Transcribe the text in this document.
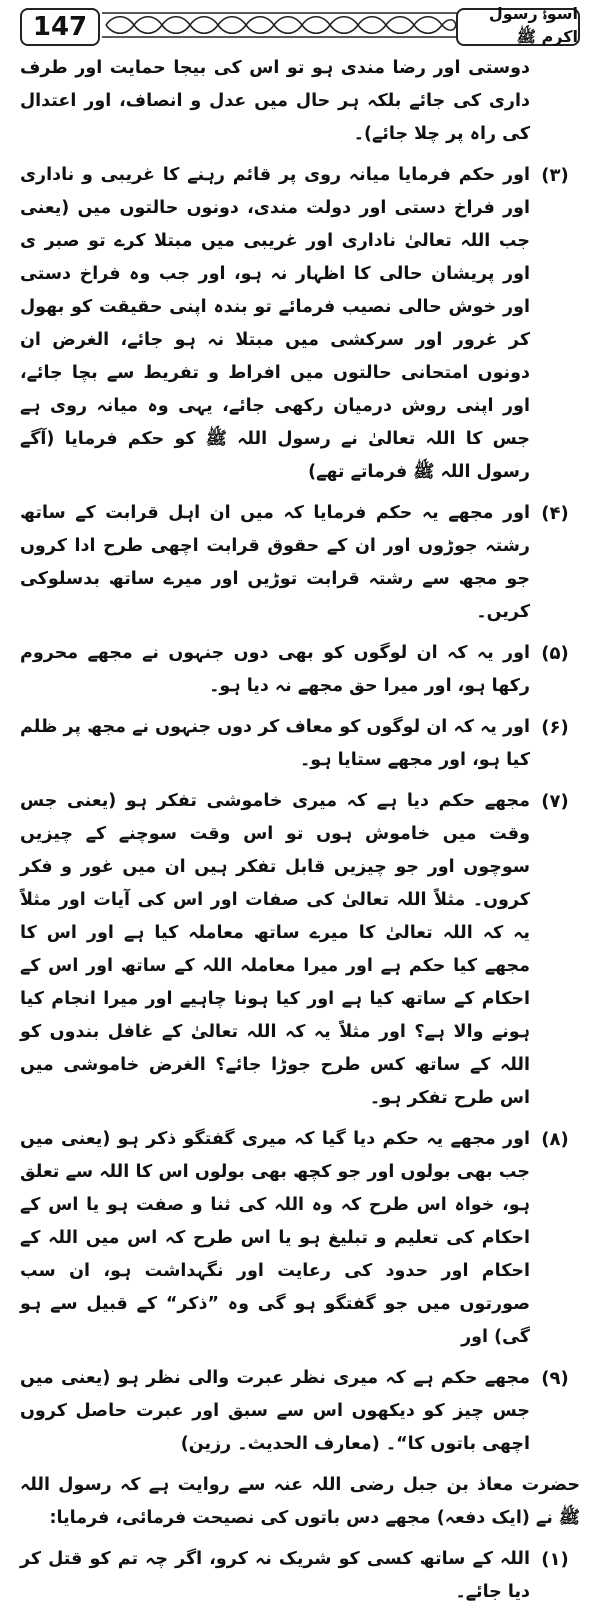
147	اسوۂ رسول اکرم ﷺ
دوستی اور رضا مندی ہو تو اس کی بیجا حمایت اور طرف داری کی جائے بلکہ ہر حال میں عدل و انصاف، اور اعتدال کی راہ پر چلا جائے)۔
(۳)
اور حکم فرمایا میانہ روی پر قائم رہنے کا غریبی و ناداری اور فراخ دستی اور دولت مندی، دونوں حالتوں میں (یعنی جب اللہ تعالیٰ ناداری اور غریبی میں مبتلا کرے تو صبر ی اور پریشان حالی کا اظہار نہ ہو، اور جب وہ فراخ دستی اور خوش حالی نصیب فرمائے تو بندہ اپنی حقیقت کو بھول کر غرور اور سرکشی میں مبتلا نہ ہو جائے، الغرض ان دونوں امتحانی حالتوں میں افراط و تفریط سے بچا جائے، اور اپنی روش درمیان رکھی جائے، یہی وہ میانہ روی ہے جس کا اللہ تعالیٰ نے رسول اللہ ﷺ کو حکم فرمایا (آگے رسول اللہ ﷺ فرماتے تھے)
(۴)
اور مجھے یہ حکم فرمایا کہ میں ان اہل قرابت کے ساتھ رشتہ جوڑوں اور ان کے حقوق قرابت اچھی طرح ادا کروں جو مجھ سے رشتہ قرابت توڑیں اور میرے ساتھ بدسلوکی کریں۔
(۵)
اور یہ کہ ان لوگوں کو بھی دوں جنہوں نے مجھے محروم رکھا ہو، اور میرا حق مجھے نہ دیا ہو۔
(۶)
اور یہ کہ ان لوگوں کو معاف کر دوں جنہوں نے مجھ پر ظلم کیا ہو، اور مجھے ستایا ہو۔
(۷)
مجھے حکم دیا ہے کہ میری خاموشی تفکر ہو (یعنی جس وقت میں خاموش ہوں تو اس وقت سوچنے کے چیزیں سوچوں اور جو چیزیں قابل تفکر ہیں ان میں غور و فکر کروں۔ مثلاً اللہ تعالیٰ کی صفات اور اس کی آیات اور مثلاً یہ کہ اللہ تعالیٰ کا میرے ساتھ معاملہ کیا ہے اور اس کا مجھے کیا حکم ہے اور میرا معاملہ اللہ کے ساتھ اور اس کے احکام کے ساتھ کیا ہے اور کیا ہونا چاہیے اور میرا انجام کیا ہونے والا ہے؟ اور مثلاً یہ کہ اللہ تعالیٰ کے غافل بندوں کو اللہ کے ساتھ کس طرح جوڑا جائے؟ الغرض خاموشی میں اس طرح تفکر ہو۔
(۸)
اور مجھے یہ حکم دیا گیا کہ میری گفتگو ذکر ہو (یعنی میں جب بھی بولوں اور جو کچھ بھی بولوں اس کا اللہ سے تعلق ہو، خواہ اس طرح کہ وہ اللہ کی ثنا و صفت ہو یا اس کے احکام کی تعلیم و تبلیغ ہو یا اس طرح کہ اس میں اللہ کے احکام اور حدود کی رعایت اور نگہداشت ہو، ان سب صورتوں میں جو گفتگو ہو گی وہ ”ذکر“ کے قبیل سے ہو گی) اور
(۹)
مجھے حکم ہے کہ میری نظر عبرت والی نظر ہو (یعنی میں جس چیز کو دیکھوں اس سے سبق اور عبرت حاصل کروں اچھی باتوں کا“۔ (معارف الحدیث۔ رزین)
حضرت معاذ بن جبل رضی اللہ عنہ سے روایت ہے کہ رسول اللہ ﷺ نے (ایک دفعہ) مجھے دس باتوں کی نصیحت فرمائی، فرمایا:
(۱)
اللہ کے ساتھ کسی کو شریک نہ کرو، اگر چہ تم کو قتل کر دیا جائے۔
